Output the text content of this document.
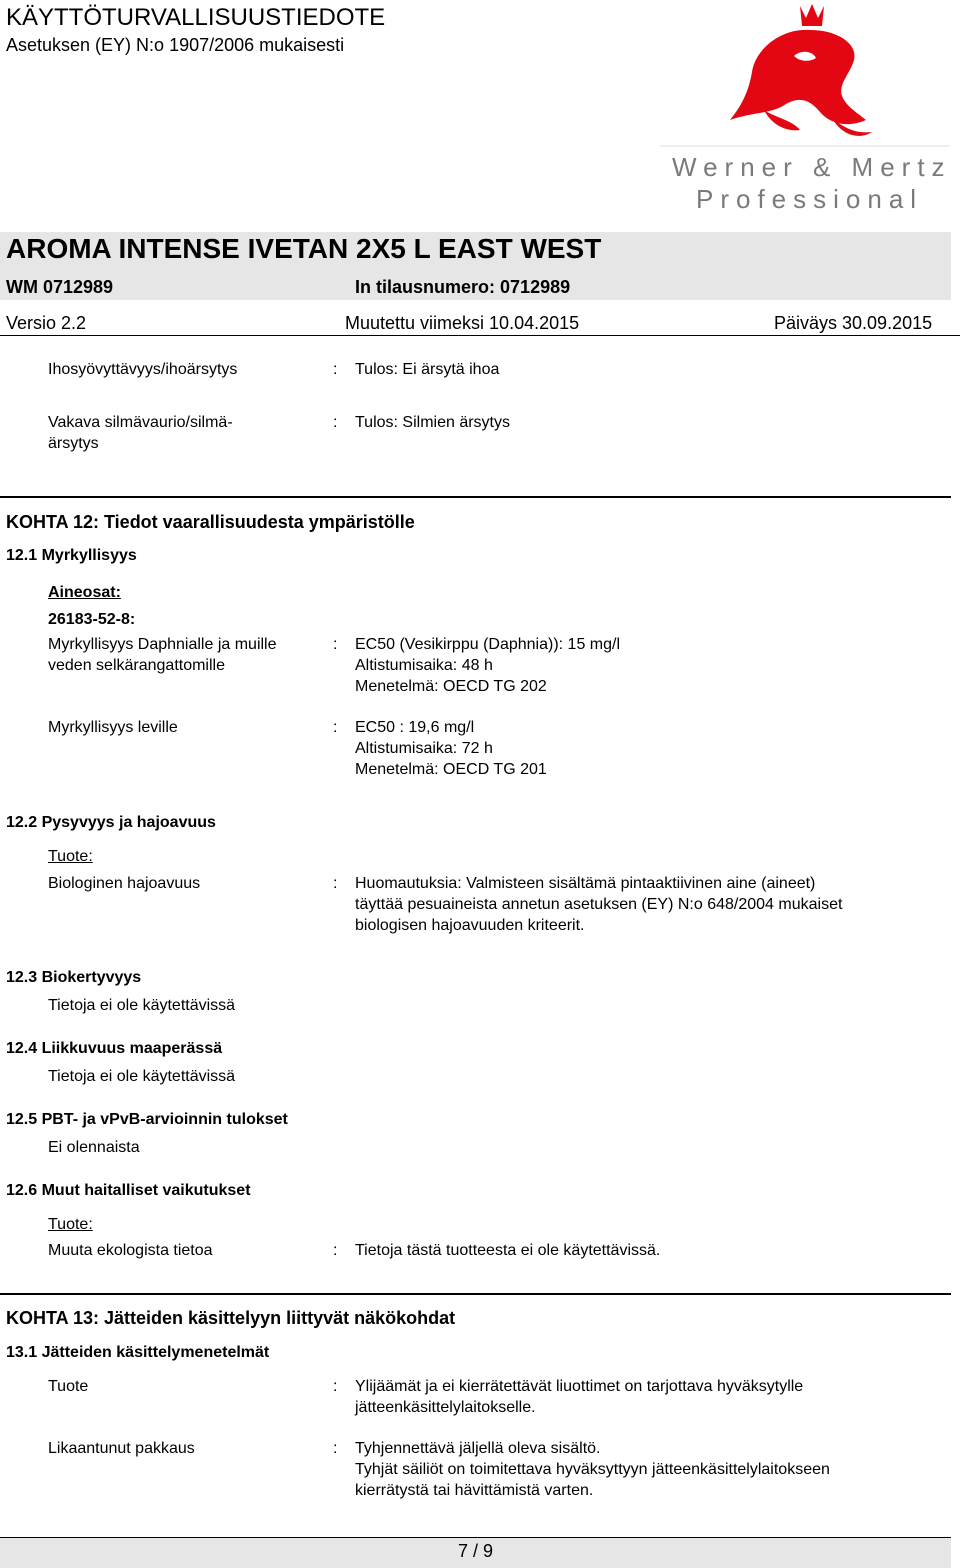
KÄYTTÖTURVALLISUUSTIEDOTE
Asetuksen (EY) N:o 1907/2006 mukaisesti
Werner & Mertz
Professional
AROMA INTENSE IVETAN 2X5 L EAST WEST
WM 0712989	In tilausnumero: 0712989
Versio 2.2	Muutettu viimeksi 10.04.2015	Päiväys 30.09.2015
Ihosyövyttävyys/ihoärsytys	: Tulos: Ei ärsytä ihoa
Vakava silmävaurio/silmä-
ärsytys
: Tulos: Silmien ärsytys
KOHTA 12: Tiedot vaarallisuudesta ympäristölle
12.1 Myrkyllisyys
Aineosat:
26183-52-8:
Myrkyllisyys Daphnialle ja muille
veden selkärangattomille
: EC50 (Vesikirppu (Daphnia)): 15 mg/l
Altistumisaika: 48 h
Menetelmä: OECD TG 202
Myrkyllisyys leville	: EC50 : 19,6 mg/l
Altistumisaika: 72 h
Menetelmä: OECD TG 201
12.2 Pysyvyys ja hajoavuus
Tuote:
Biologinen hajoavuus	: Huomautuksia: Valmisteen sisältämä pintaaktiivinen aine (aineet)
täyttää pesuaineista annetun asetuksen (EY) N:o 648/2004 mukaiset
biologisen hajoavuuden kriteerit.
12.3 Biokertyvyys
Tietoja ei ole käytettävissä
12.4 Liikkuvuus maaperässä
Tietoja ei ole käytettävissä
12.5 PBT- ja vPvB-arvioinnin tulokset
Ei olennaista
12.6 Muut haitalliset vaikutukset
Tuote:
Muuta ekologista tietoa	: Tietoja tästä tuotteesta ei ole käytettävissä.
KOHTA 13: Jätteiden käsittelyyn liittyvät näkökohdat
13.1 Jätteiden käsittelymenetelmät
Tuote	: Ylijäämät ja ei kierrätettävät liuottimet on tarjottava hyväksytylle
jätteenkäsittelylaitokselle.
Likaantunut pakkaus	: Tyhjennettävä jäljellä oleva sisältö.
Tyhjät säiliöt on toimitettava hyväksyttyyn jätteenkäsittelylaitokseen
kierrätystä tai hävittämistä varten.
7 / 9
